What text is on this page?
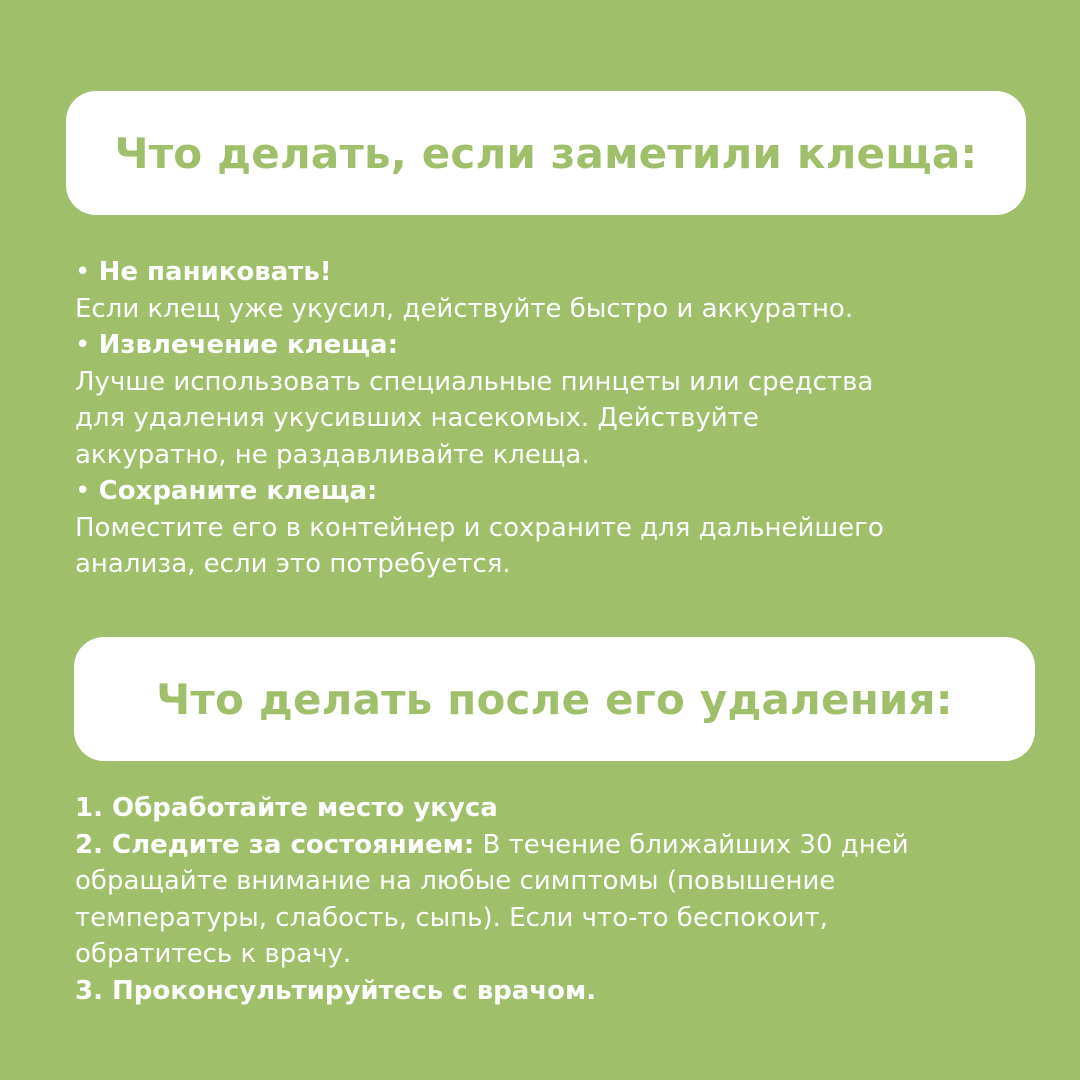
Что делать, если заметили клеща:
• Не паниковать!
Если клещ уже укусил, действуйте быстро и аккуратно.
• Извлечение клеща:
Лучше использовать специальные пинцеты или средства
для удаления укусивших насекомых. Действуйте
аккуратно, не раздавливайте клеща.
• Сохраните клеща:
Поместите его в контейнер и сохраните для дальнейшего
анализа, если это потребуется.
Что делать после его удаления:
1. Обработайте место укуса
2. Следите за состоянием: В течение ближайших 30 дней
обращайте внимание на любые симптомы (повышение
температуры, слабость, сыпь). Если что-то беспокоит,
обратитесь к врачу.
3. Проконсультируйтесь с врачом.
